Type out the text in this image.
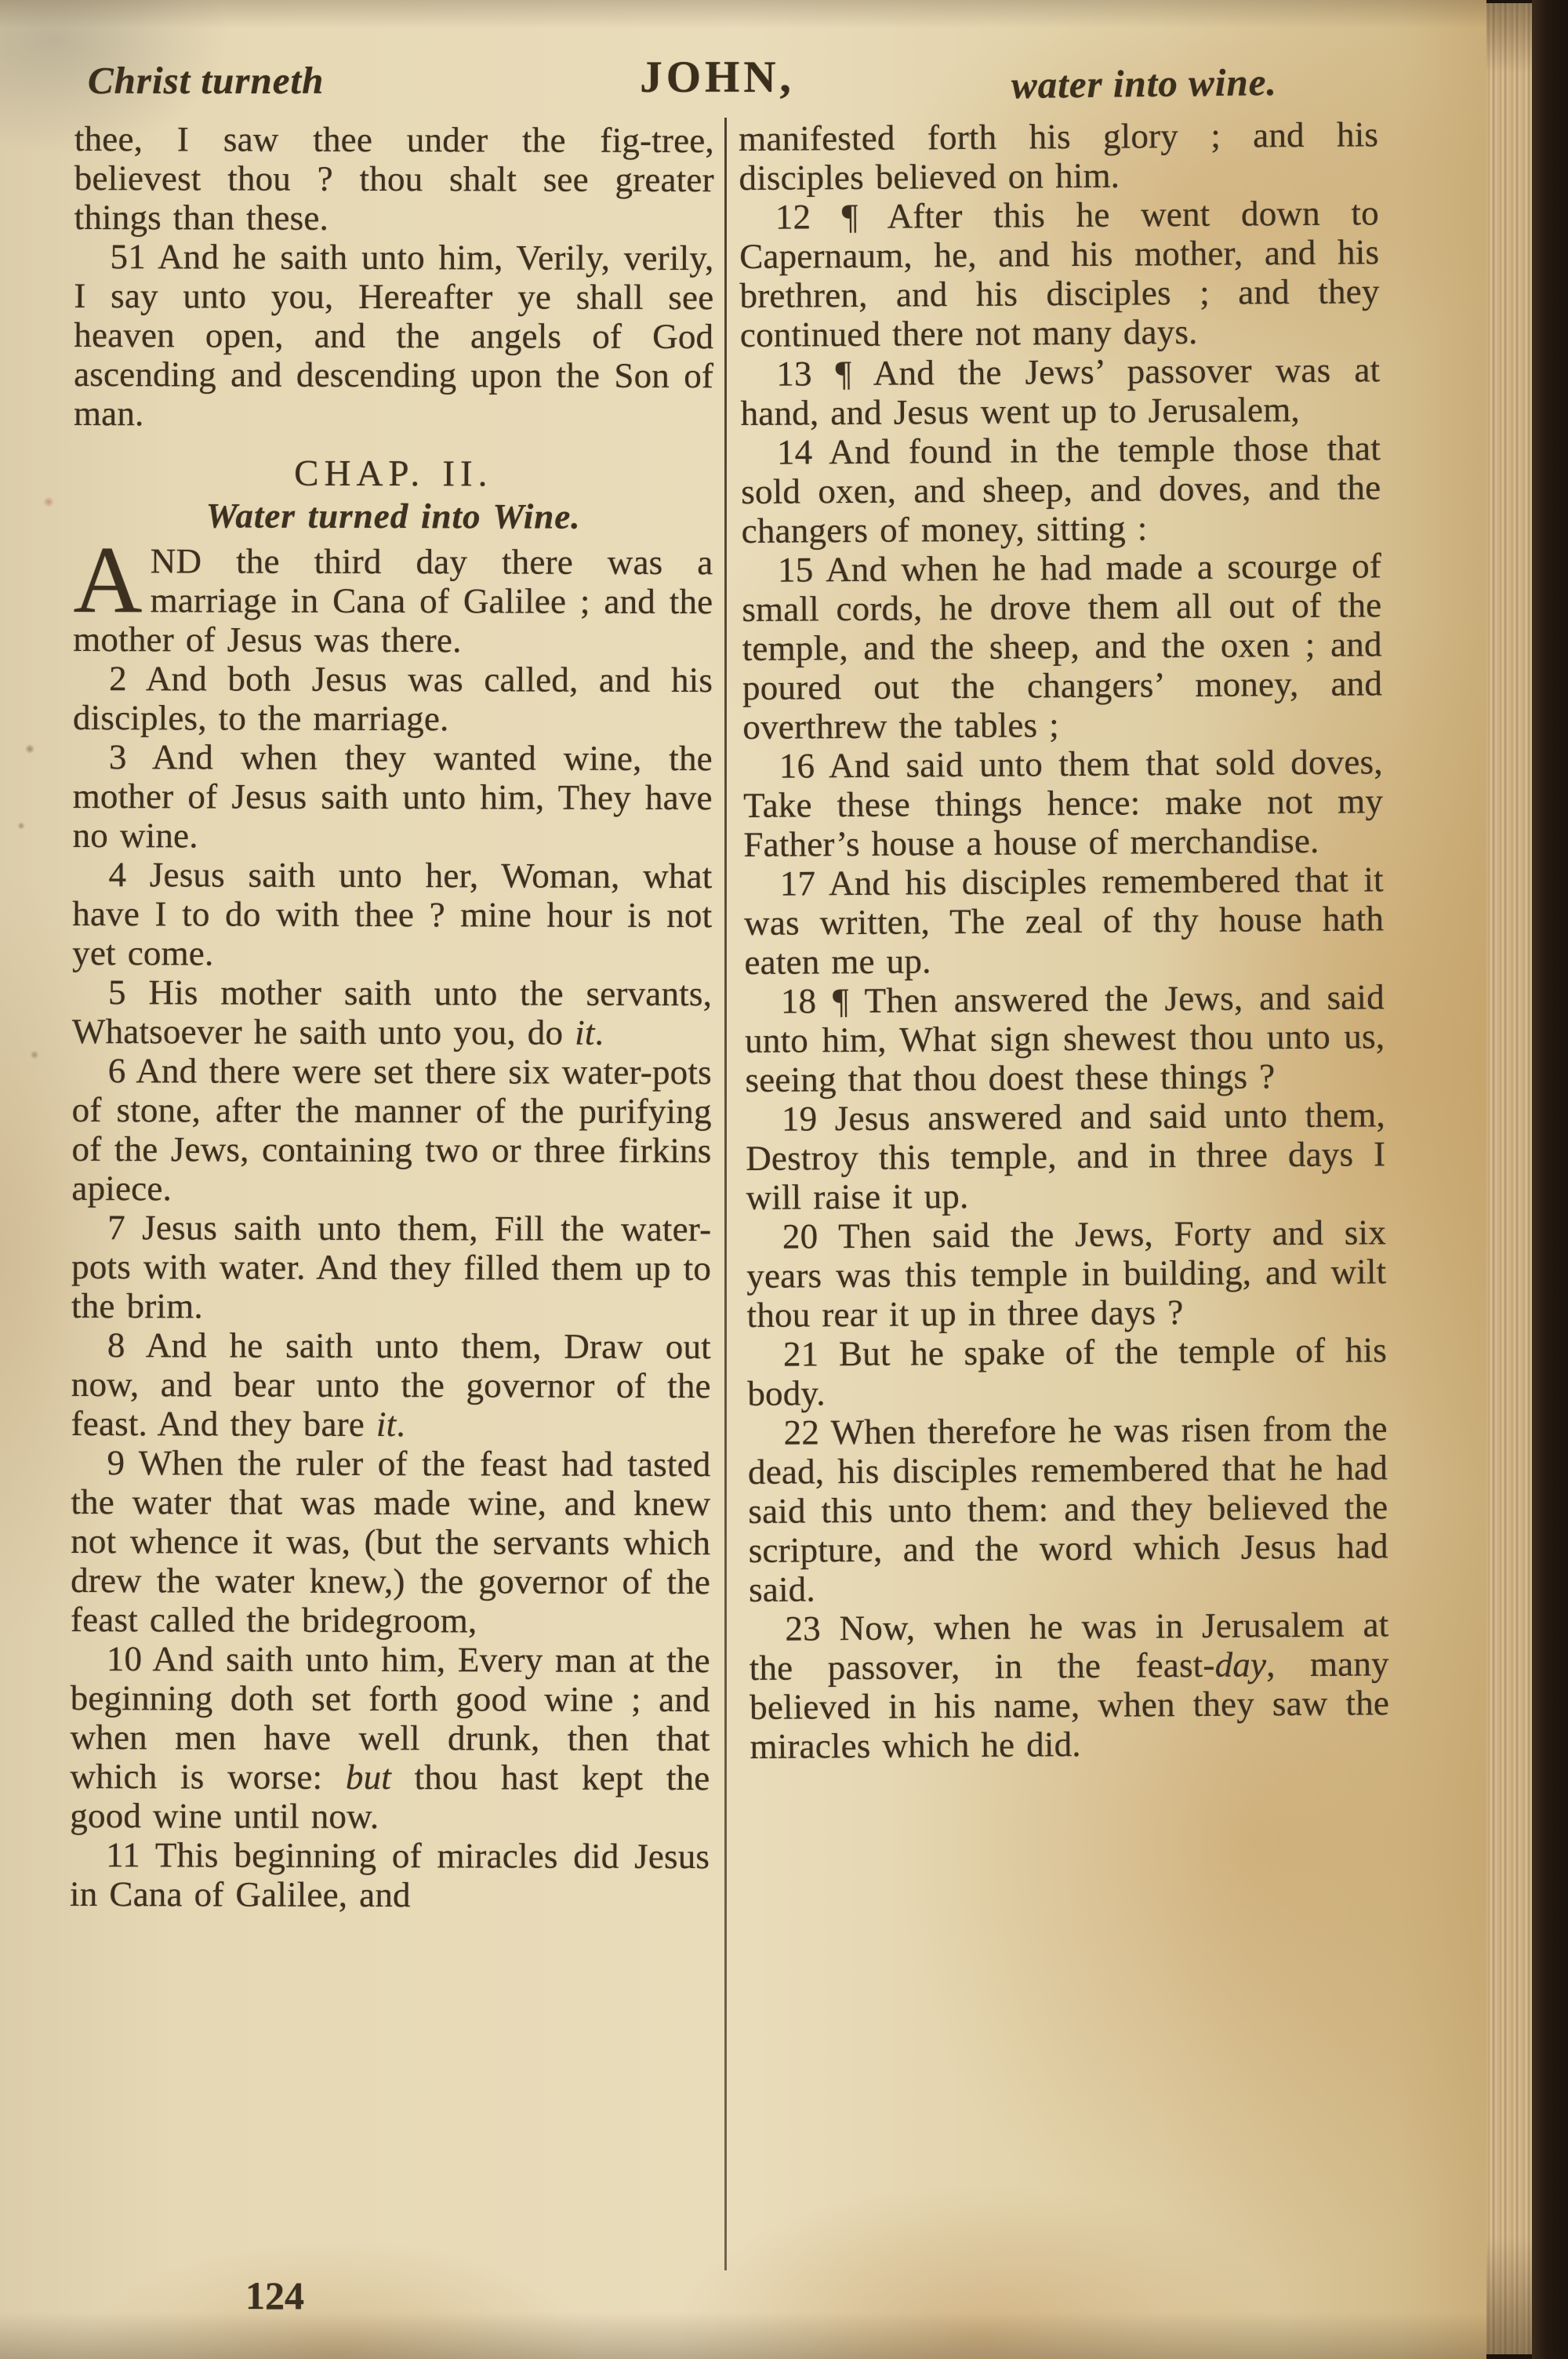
Christ turneth	JOHN,	water into wine.

thee, I saw thee under the fig-tree, believest thou ? thou shalt see greater things than these.

51 And he saith unto him, Verily, verily, I say unto you, Hereafter ye shall see heaven open, and the angels of God ascending and descending upon the Son of man.

CHAP. II.

Water turned into Wine.

AND the third day there was a marriage in Cana of Galilee ; and the mother of Jesus was there.

2 And both Jesus was called, and his disciples, to the marriage.

3 And when they wanted wine, the mother of Jesus saith unto him, They have no wine.

4 Jesus saith unto her, Woman, what have I to do with thee ? mine hour is not yet come.

5 His mother saith unto the servants, Whatsoever he saith unto you, do it.

6 And there were set there six water-pots of stone, after the manner of the purifying of the Jews, containing two or three firkins apiece.

7 Jesus saith unto them, Fill the water-pots with water. And they filled them up to the brim.

8 And he saith unto them, Draw out now, and bear unto the governor of the feast. And they bare it.

9 When the ruler of the feast had tasted the water that was made wine, and knew not whence it was, (but the servants which drew the water knew,) the governor of the feast called the bridegroom,

10 And saith unto him, Every man at the beginning doth set forth good wine ; and when men have well drunk, then that which is worse: but thou hast kept the good wine until now.

11 This beginning of miracles did Jesus in Cana of Galilee, and

manifested forth his glory ; and his disciples believed on him.

12 ¶ After this he went down to Capernaum, he, and his mother, and his brethren, and his disciples ; and they continued there not many days.

13 ¶ And the Jews’ passover was at hand, and Jesus went up to Jerusalem,

14 And found in the temple those that sold oxen, and sheep, and doves, and the changers of money, sitting :

15 And when he had made a scourge of small cords, he drove them all out of the temple, and the sheep, and the oxen ; and poured out the changers’ money, and overthrew the tables ;

16 And said unto them that sold doves, Take these things hence: make not my Father’s house a house of merchandise.

17 And his disciples remembered that it was written, The zeal of thy house hath eaten me up.

18 ¶ Then answered the Jews, and said unto him, What sign shewest thou unto us, seeing that thou doest these things ?

19 Jesus answered and said unto them, Destroy this temple, and in three days I will raise it up.

20 Then said the Jews, Forty and six years was this temple in building, and wilt thou rear it up in three days ?

21 But he spake of the temple of his body.

22 When therefore he was risen from the dead, his disciples remembered that he had said this unto them: and they believed the scripture, and the word which Jesus had said.

23 Now, when he was in Jerusalem at the passover, in the feast-day, many believed in his name, when they saw the miracles which he did.

124
